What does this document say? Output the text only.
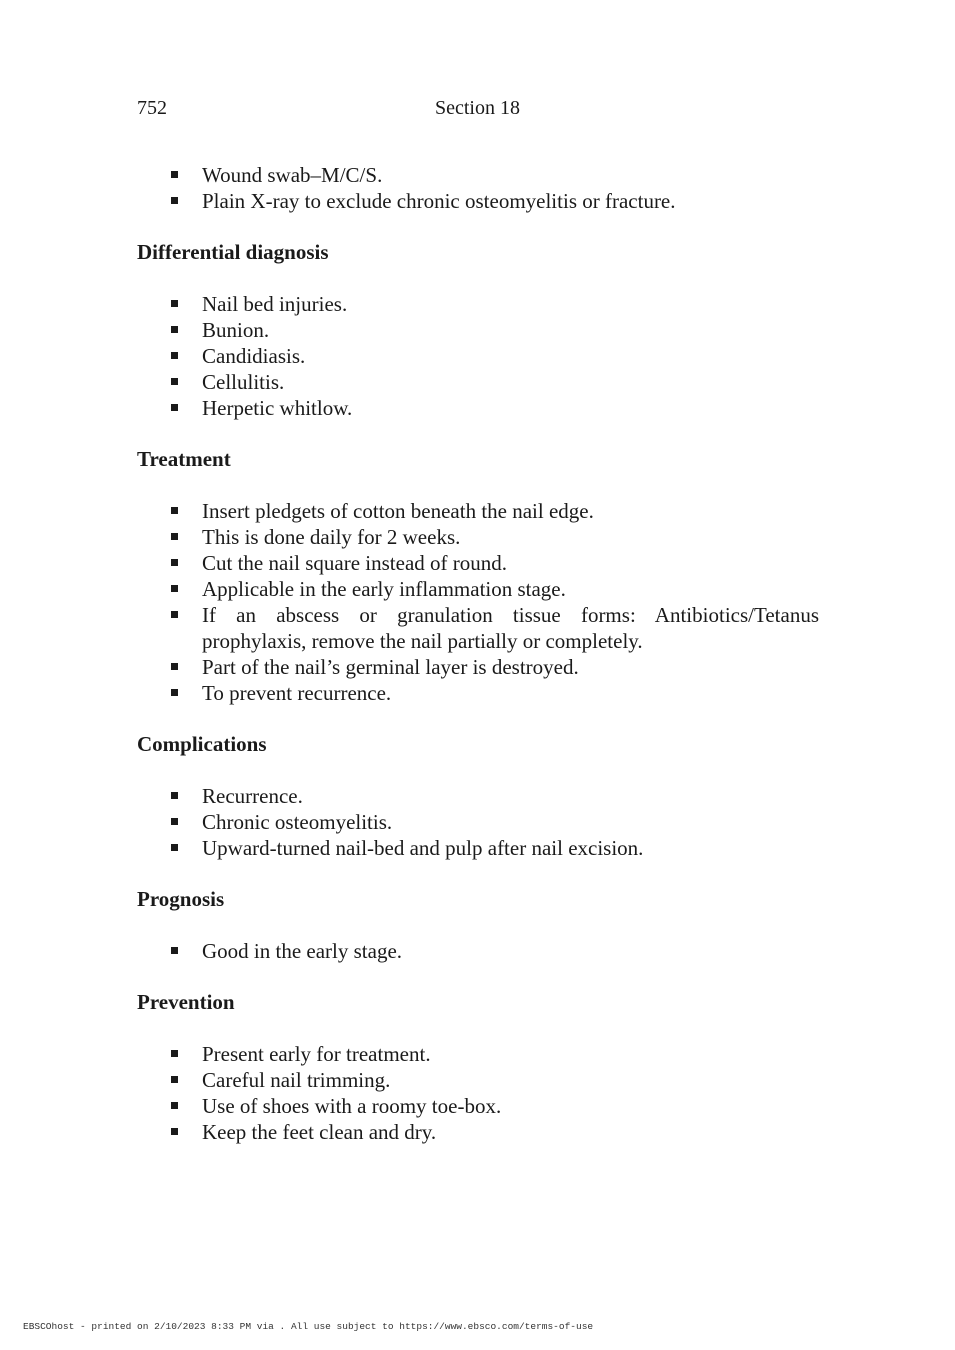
752	Section 18
Wound swab–M/C/S.
Plain X-ray to exclude chronic osteomyelitis or fracture.
Differential diagnosis
Nail bed injuries.
Bunion.
Candidiasis.
Cellulitis.
Herpetic whitlow.
Treatment
Insert pledgets of cotton beneath the nail edge.
This is done daily for 2 weeks.
Cut the nail square instead of round.
Applicable in the early inflammation stage.
If an abscess or granulation tissue forms: Antibiotics/Tetanus prophylaxis, remove the nail partially or completely.
Part of the nail’s germinal layer is destroyed.
To prevent recurrence.
Complications
Recurrence.
Chronic osteomyelitis.
Upward-turned nail-bed and pulp after nail excision.
Prognosis
Good in the early stage.
Prevention
Present early for treatment.
Careful nail trimming.
Use of shoes with a roomy toe-box.
Keep the feet clean and dry.
EBSCOhost - printed on 2/10/2023 8:33 PM via . All use subject to https://www.ebsco.com/terms-of-use
